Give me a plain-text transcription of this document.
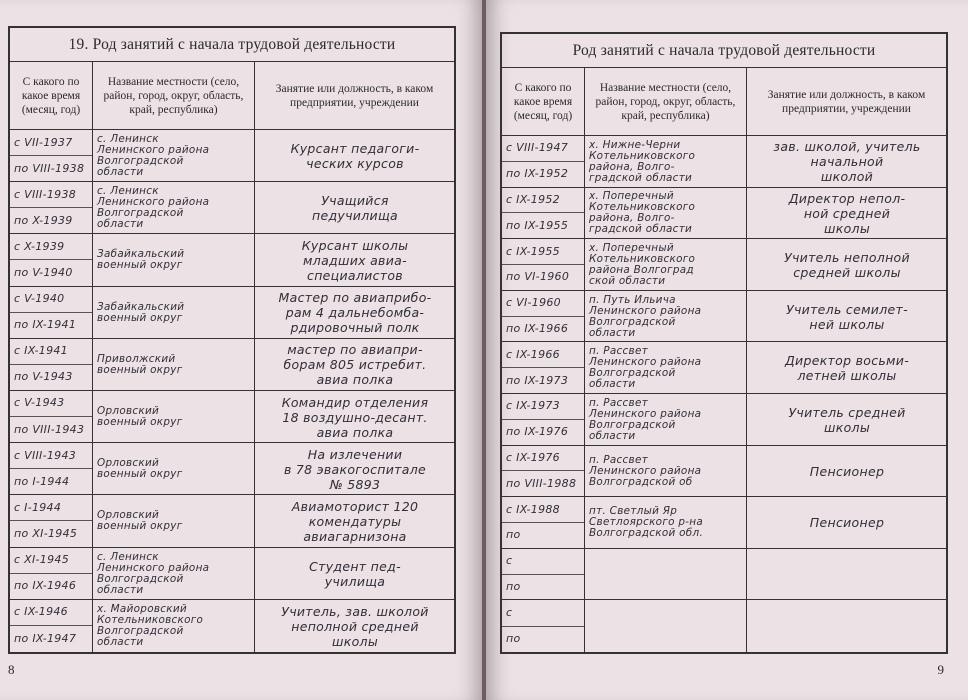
19. Род занятий с начала трудовой деятельности
С какого по какое время (месяц, год)
Название местности (село, район, город, округ, область, край, республика)
Занятие или должность, в каком предприятии, учреждении
с VII-1937
по VIII-1938
с. Ленинск
Ленинского района
Волгоградской
области
Курсант педагоги-
ческих курсов
с VIII-1938
по X-1939
с. Ленинск
Ленинского района
Волгоградской
области
Учащийся
педучилища
с X-1939
по V-1940
Забайкальский
военный округ
Курсант школы
младших авиа-
специалистов
с V-1940
по IX-1941
Забайкальский
военный округ
Мастер по авиаприбо-
рам 4 дальнебомба-
рдировочный полк
с IX-1941
по V-1943
Приволжский
военный округ
мастер по авиапри-
борам 805 истребит.
авиа полка
с V-1943
по VIII-1943
Орловский
военный округ
Командир отделения
18 воздушно-десант.
авиа полка
с VIII-1943
по I-1944
Орловский
военный округ
На излечении
в 78 эвакогоспитале
№ 5893
с I-1944
по XI-1945
Орловский
военный округ
Авиамоторист 120
комендатуры
авиагарнизона
с XI-1945
по IX-1946
с. Ленинск
Ленинского района
Волгоградской
области
Студент пед-
училища
с IX-1946
по IX-1947
х. Майоровский
Котельниковского
Волгоградской
области
Учитель, зав. школой
неполной средней
школы
8	9
Род занятий с начала трудовой деятельности
С какого по какое время (месяц, год)
Название местности (село, район, город, округ, область, край, республика)
Занятие или должность, в каком предприятии, учреждении
с VIII-1947
по IX-1952
х. Нижне-Черни
Котельниковского
района, Волго-
градской области
зав. школой, учитель
начальной
школой
с IX-1952
по IX-1955
х. Поперечный
Котельниковского
района, Волго-
градской области
Директор непол-
ной средней
школы
с IX-1955
по VI-1960
х. Поперечный
Котельниковского
района Волгоград
ской области
Учитель неполной
средней школы
с VI-1960
по IX-1966
п. Путь Ильича
Ленинского района
Волгоградской
области
Учитель семилет-
ней школы
с IX-1966
по IX-1973
п. Рассвет
Ленинского района
Волгоградской
области
Директор восьми-
летней школы
с IX-1973
по IX-1976
п. Рассвет
Ленинского района
Волгоградской
области
Учитель средней
школы
с IX-1976
по VIII-1988
п. Рассвет
Ленинского района
Волгоградской об
Пенсионер
с IX-1988
по
пт. Светлый Яр
Светлоярского р-на
Волгоградской обл.
Пенсионер
с
по
с
по
